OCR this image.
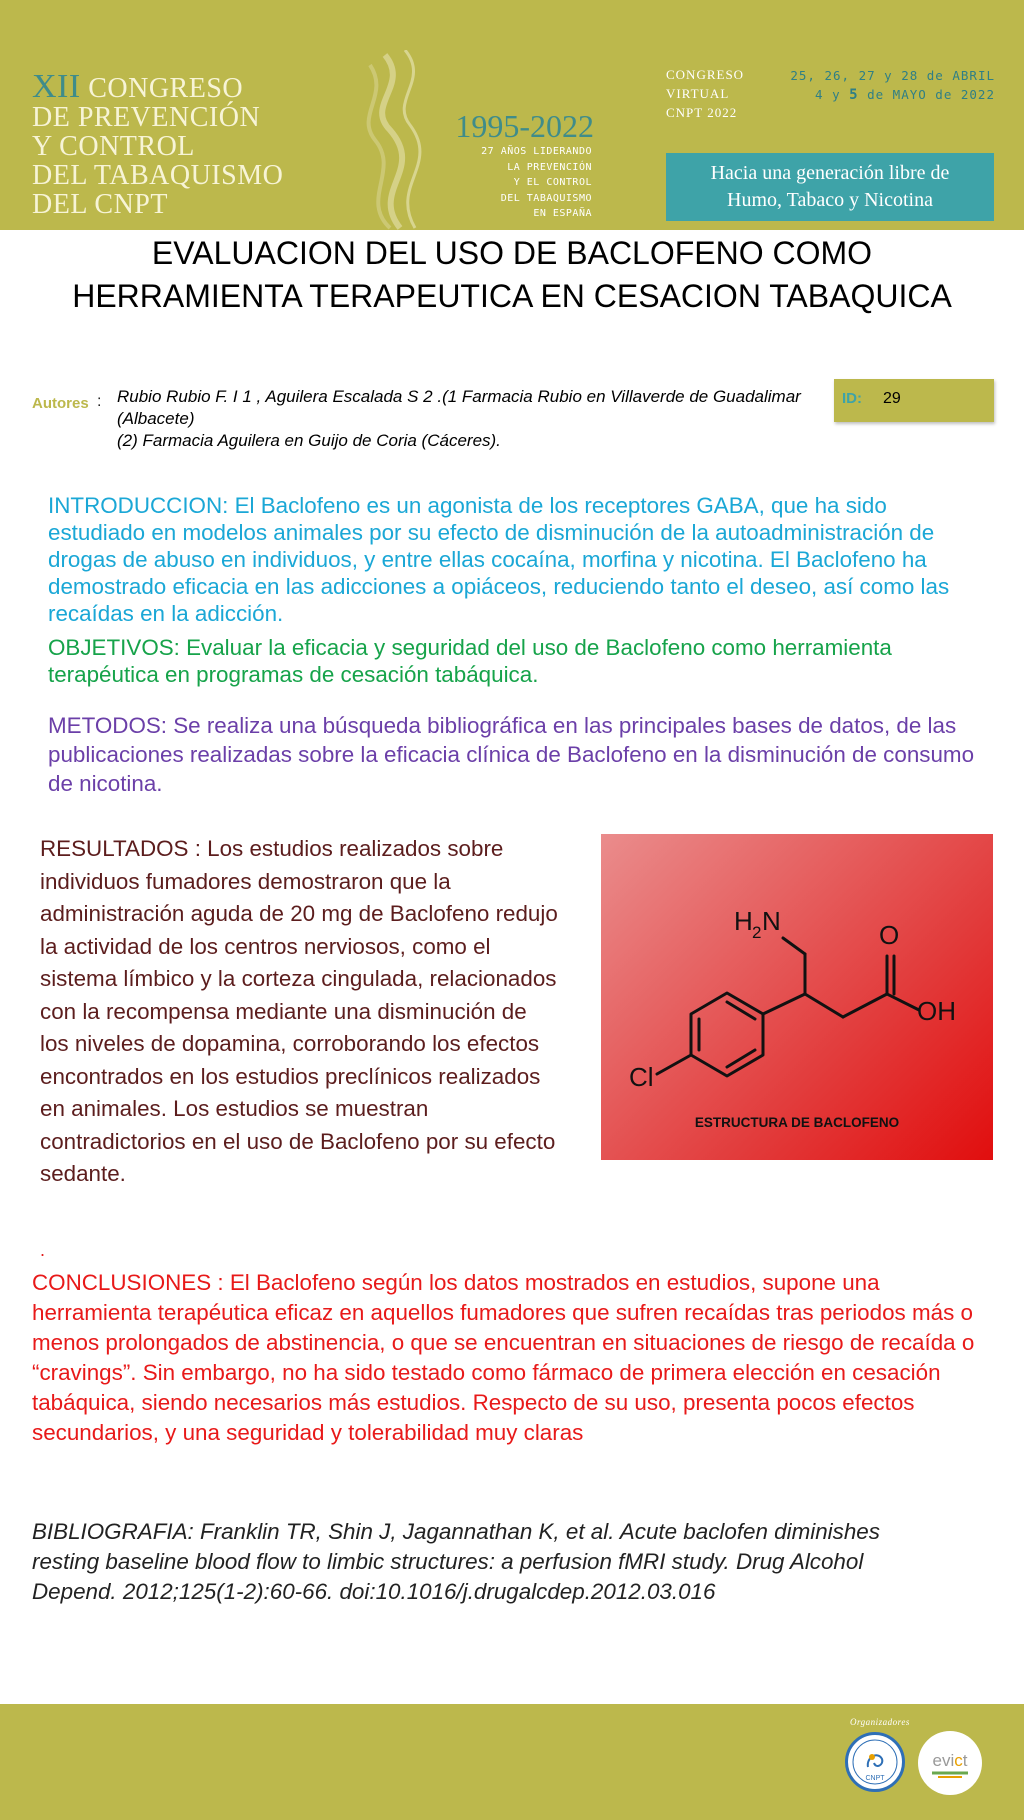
XII CONGRESO
DE PREVENCIÓN
Y CONTROL
DEL TABAQUISMO
DEL CNPT
1995-2022
27 AÑOS LIDERANDO
LA PREVENCIÓN
Y EL CONTROL
DEL TABAQUISMO
EN ESPAÑA
CONGRESO
VIRTUAL
CNPT 2022
25, 26, 27 y 28 de ABRIL
4 y 5 de MAYO de 2022
Hacia una generación libre de
Humo, Tabaco y Nicotina
EVALUACION DEL USO DE BACLOFENO COMO HERRAMIENTA TERAPEUTICA EN CESACION TABAQUICA
Autores : Rubio Rubio F. I 1 , Aguilera Escalada S 2 .(1 Farmacia Rubio en Villaverde de Guadalimar (Albacete)
(2) Farmacia Aguilera en Guijo de Coria (Cáceres).
ID: 29

INTRODUCCION: El Baclofeno es un agonista de los receptores GABA, que ha sido estudiado en modelos animales por su efecto de disminución de la autoadministración de drogas de abuso en individuos, y entre ellas cocaína, morfina y nicotina. El Baclofeno ha demostrado eficacia en las adicciones a opiáceos, reduciendo tanto el deseo, así como las recaídas en la adicción.

OBJETIVOS: Evaluar la eficacia y seguridad del uso de Baclofeno como herramienta terapéutica en programas de cesación tabáquica.

METODOS: Se realiza una búsqueda bibliográfica en las principales bases de datos, de las publicaciones realizadas sobre la eficacia clínica de Baclofeno en la disminución de consumo de nicotina.

RESULTADOS : Los estudios realizados sobre individuos fumadores demostraron que la administración aguda de 20 mg de Baclofeno redujo la actividad de los centros nerviosos, como el sistema límbico y la corteza cingulada, relacionados con la recompensa mediante una disminución de los niveles de dopamina, corroborando los efectos encontrados en los estudios preclínicos realizados en animales. Los estudios se muestran contradictorios en el uso de Baclofeno por su efecto sedante.

H 2 N	O
OH
Cl
ESTRUCTURA DE BACLOFENO
.

CONCLUSIONES : El Baclofeno según los datos mostrados en estudios, supone una herramienta terapéutica eficaz en aquellos fumadores que sufren recaídas tras periodos más o menos prolongados de abstinencia, o que se encuentran en situaciones de riesgo de recaída o “cravings”. Sin embargo, no ha sido testado como fármaco de primera elección en cesación tabáquica, siendo necesarios más estudios. Respecto de su uso, presenta pocos efectos secundarios, y una seguridad y tolerabilidad muy claras

BIBLIOGRAFIA: Franklin TR, Shin J, Jagannathan K, et al. Acute baclofen diminishes resting baseline blood flow to limbic structures: a perfusion fMRI study. Drug Alcohol Depend. 2012;125(1-2):60-66. doi:10.1016/j.drugalcdep.2012.03.016

Organizadores
CNPT
evict
